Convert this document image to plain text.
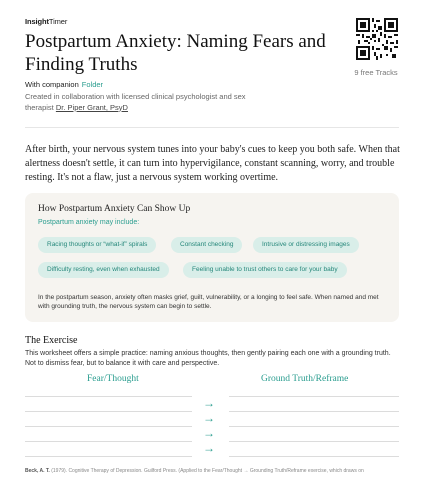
InsightTimer
Postpartum Anxiety: Naming Fears and Finding Truths	9 free Tracks
With companion Folder
Created in collaboration with licensed clinical psychologist and sex therapist Dr. Piper Grant, PsyD

After birth, your nervous system tunes into your baby's cues to keep you both safe. When that alertness doesn't settle, it can turn into hypervigilance, constant scanning, worry, and trouble resting. It's not a flaw, just a nervous system working overtime.

How Postpartum Anxiety Can Show Up
Postpartum anxiety may include:
Racing thoughts or “what-if” spirals	Constant checking	Intrusive or distressing images
Difficulty resting, even when exhausted	Feeling unable to trust others to care for your baby
In the postpartum season, anxiety often masks grief, guilt, vulnerability, or a longing to feel safe. When named and met with grounding truth, the nervous system can begin to settle.
The Exercise
This worksheet offers a simple practice: naming anxious thoughts, then gently pairing each one with a grounding truth. Not to dismiss fear, but to balance it with care and perspective.
Fear/Thought	Ground Truth/Reframe
→
→
→
→
Beck, A. T. (1979). Cognitive Therapy of Depression. Guilford Press. (Applied to the Fear/Thought → Grounding Truth/Reframe exercise, which draws on
